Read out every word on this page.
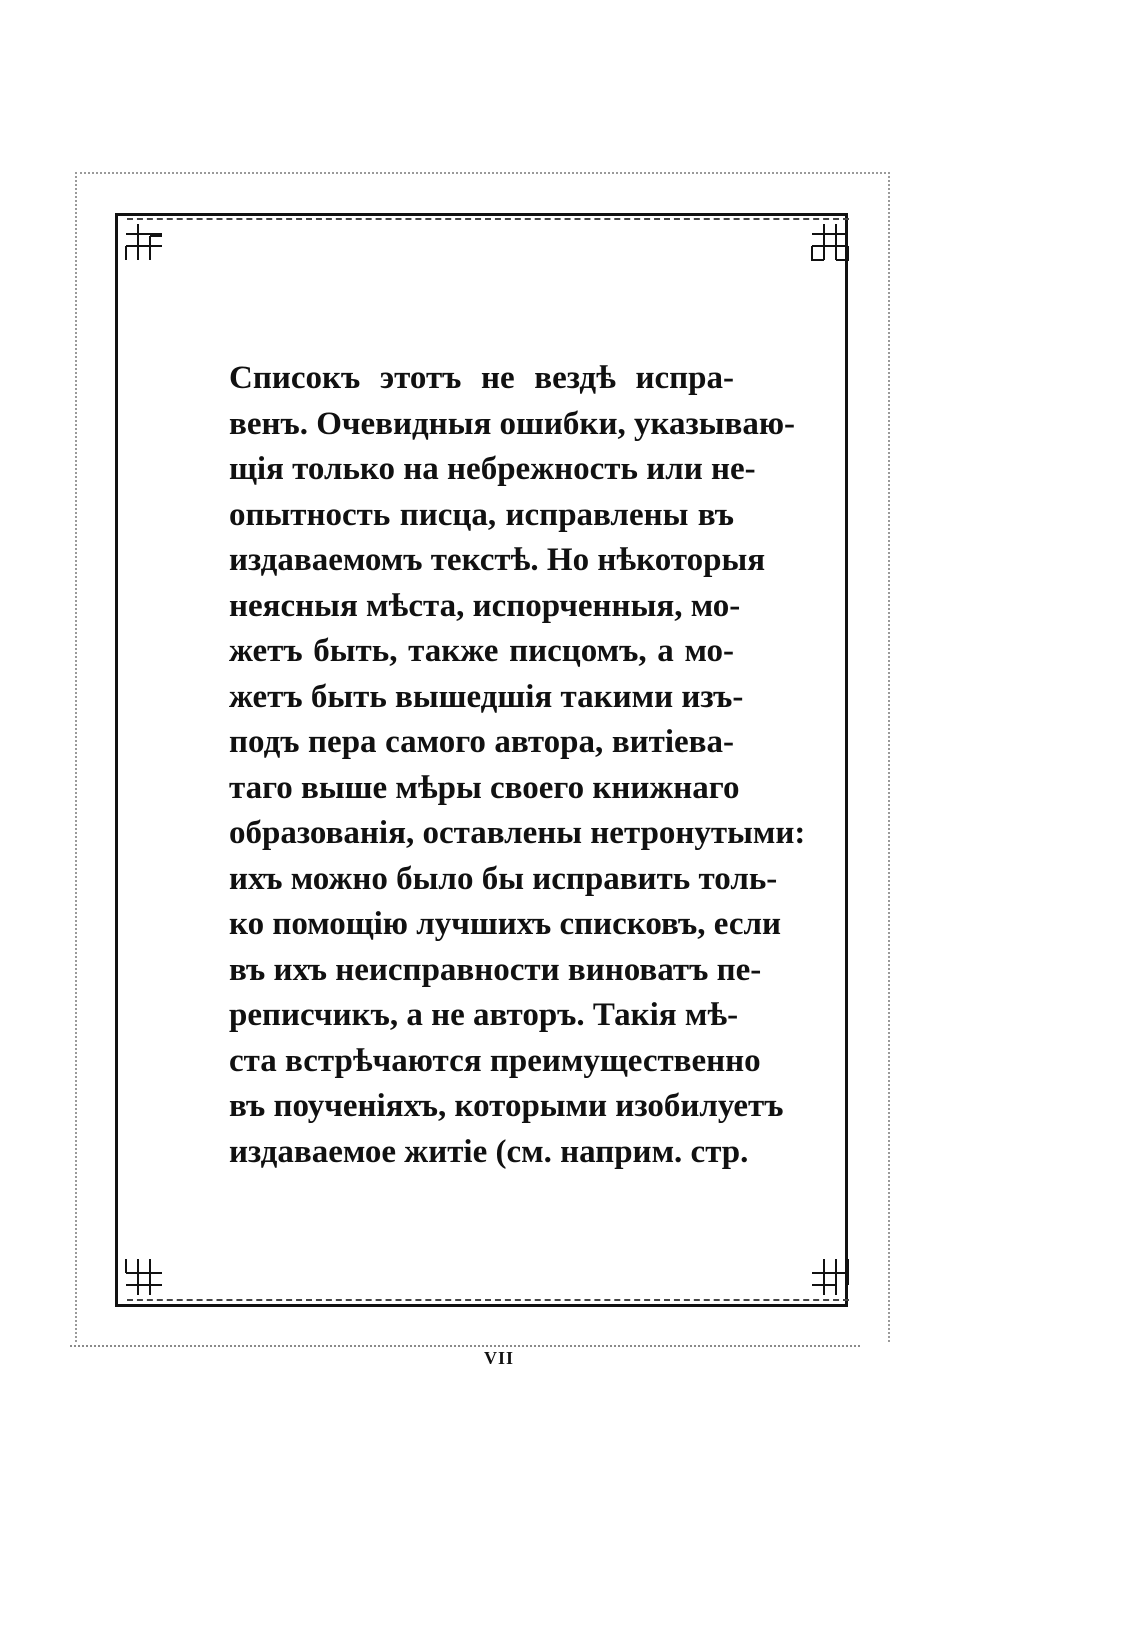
Списокъ этотъ не вездѣ испра-
венъ. Очевидныя ошибки, указываю-
щія только на небрежность или не-
опытность писца, исправлены въ
издаваемомъ текстѣ. Но нѣкоторыя
неясныя мѣста, испорченныя, мо-
жетъ быть, также писцомъ, а мо-
жетъ быть вышедшія такими изъ-
подъ пера самого автора, витіева-
таго выше мѣры своего книжнаго
образованія, оставлены нетронутыми:
ихъ можно было бы исправить толь-
ко помощію лучшихъ списковъ, если
въ ихъ неисправности виноватъ пе-
реписчикъ, а не авторъ. Такія мѣ-
ста встрѣчаются преимущественно
въ поученіяхъ, которыми изобилуетъ
издаваемое житіе (см. наприм. стр.
VII
